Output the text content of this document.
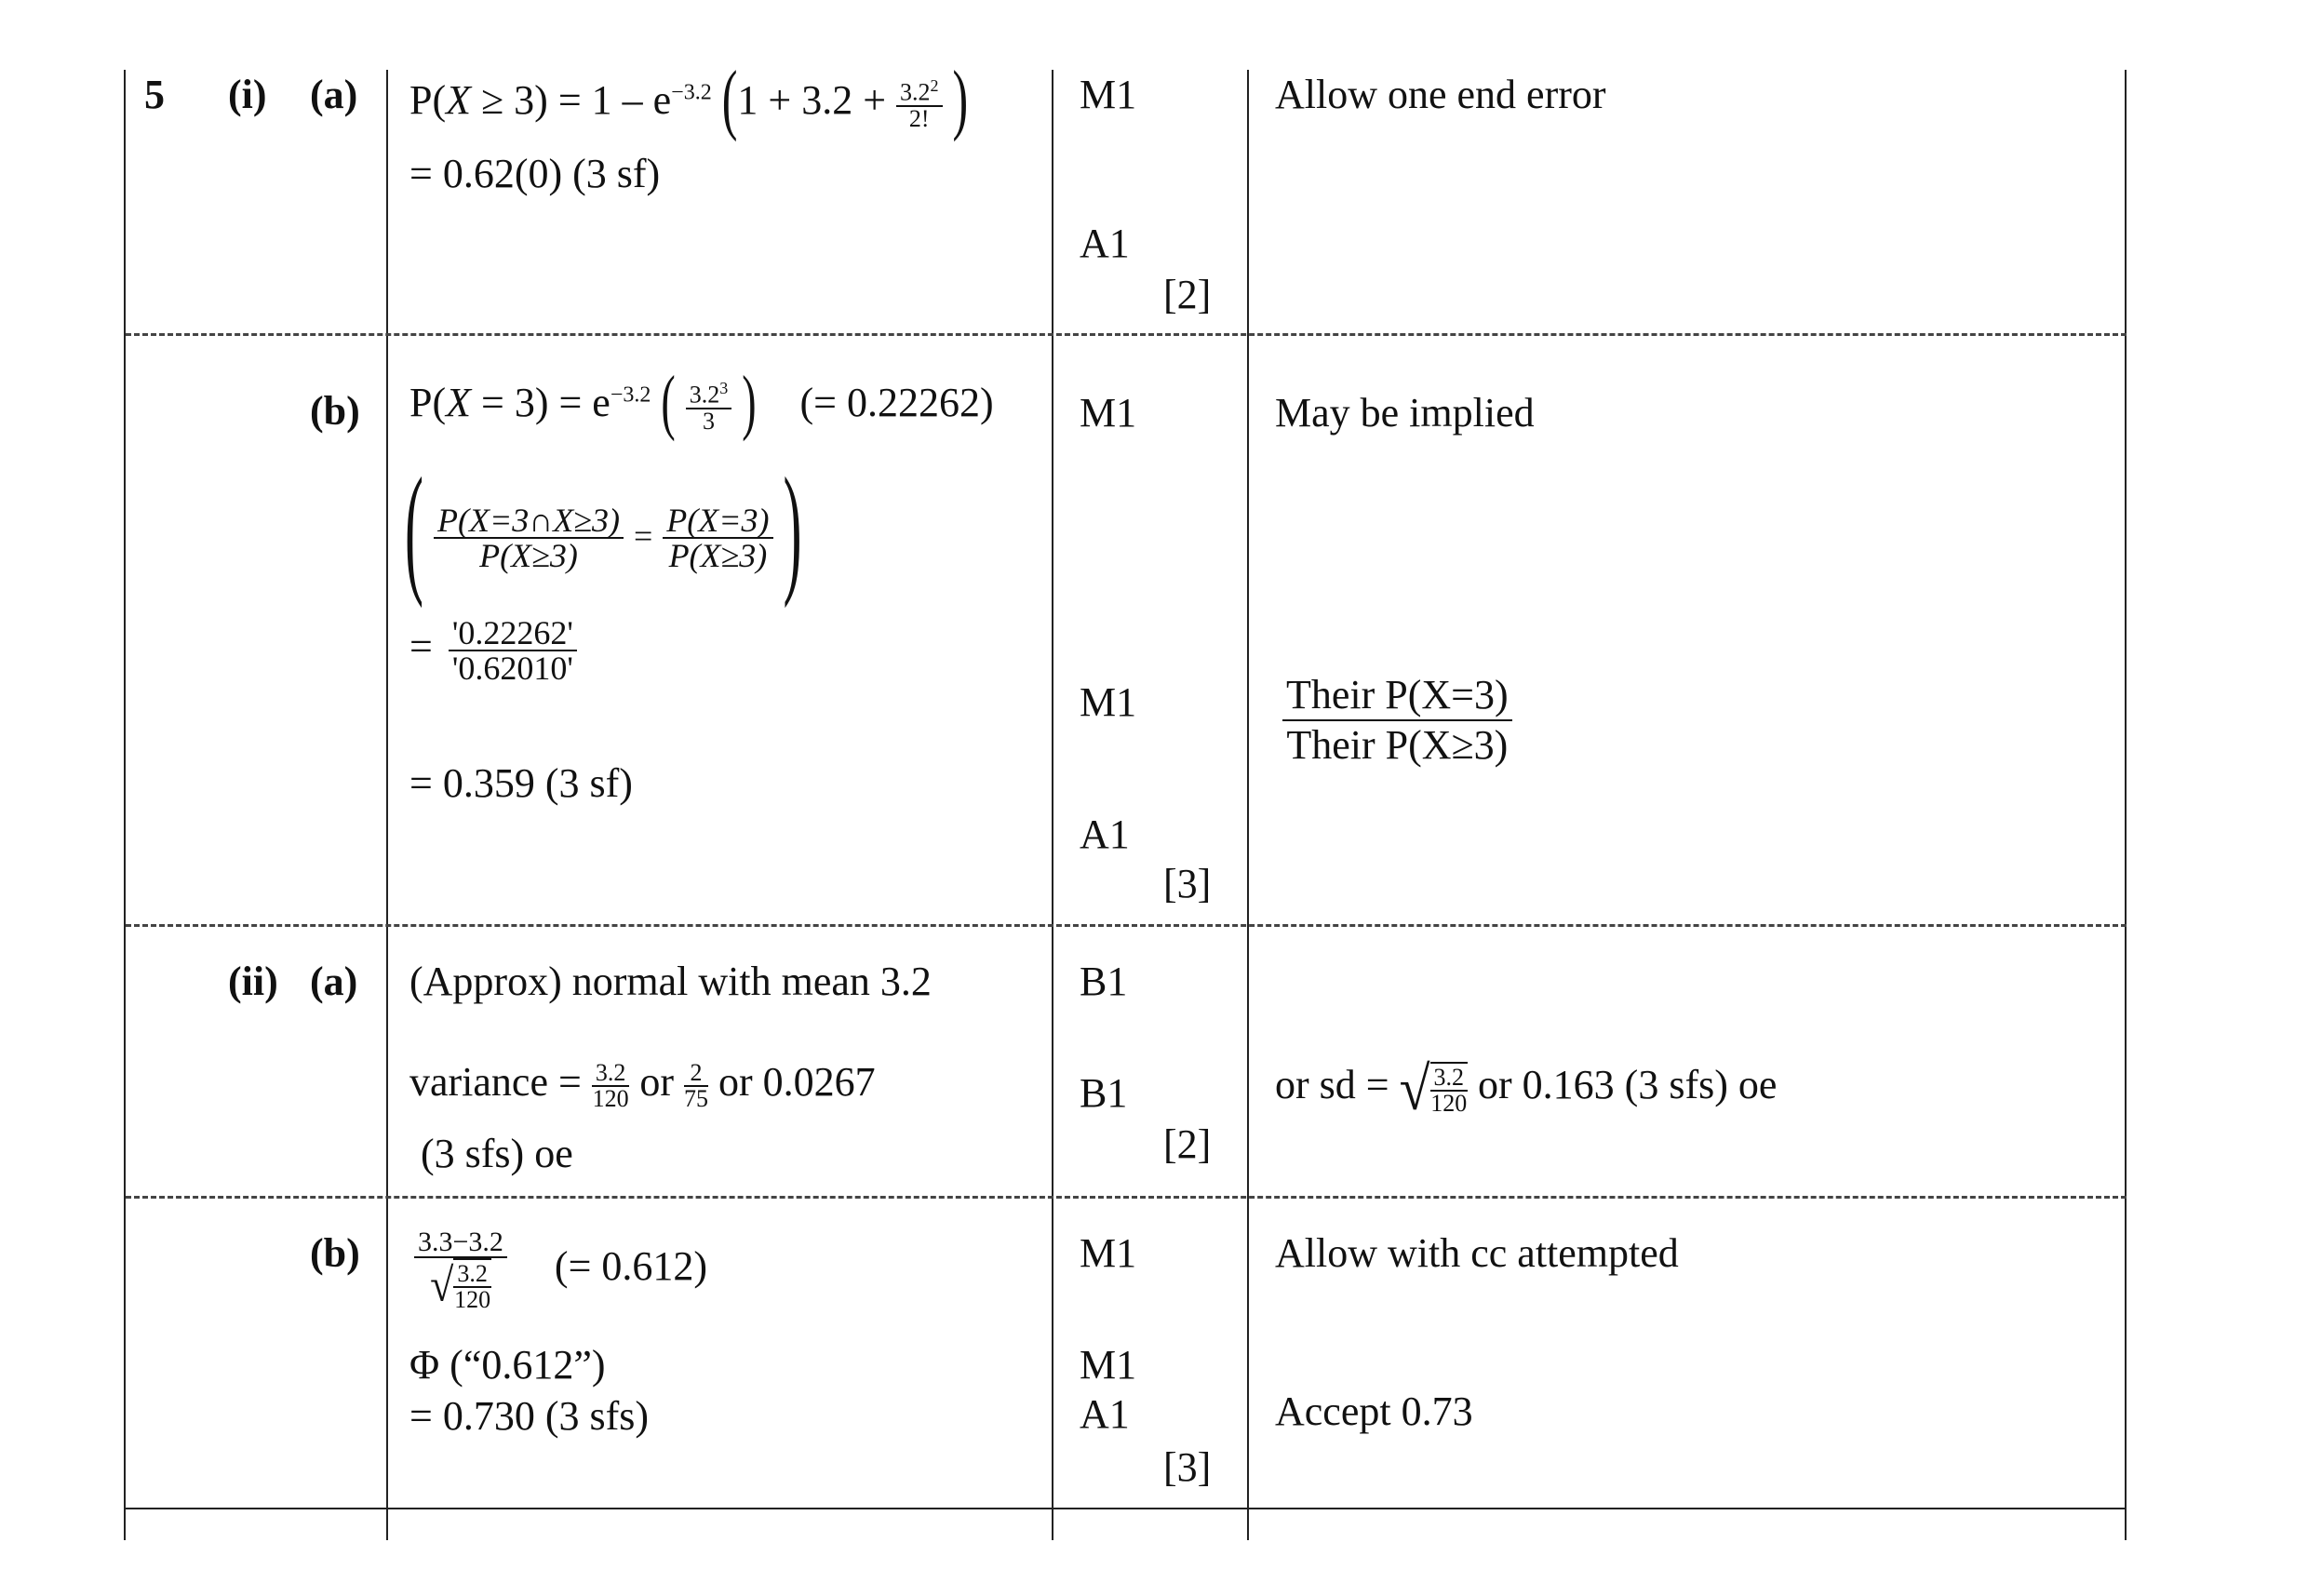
5 (i) (a) $P(X \ge 3) = 1 - e^{-3.2}$ ($1 + 3.2 + \frac{3.2^2}{2!}$ )
= 0.62(0) (3 sf)
M1
A1
[2]
Allow one end error
(b) $P(X = 3) = e^{-3.2}$ ( $\frac{3.2^3}{3}$ ) (= 0.22262)
( $\frac{P(X=3\cap X\ge 3)}{P(X\ge 3)} = \frac{P(X=3)}{P(X\ge 3)}$ )
= $\frac{'0.22262'}{'0.62010'}$
= 0.359 (3 sf)
M1
M1
A1
[3]
May be implied
$\frac{\text{Their P(X=3)}}{\text{Their P(X≥3)}}$
(ii) (a) (Approx) normal with mean 3.2
variance = $\frac{3.2}{120}$ or $\frac{2}{75}$ or 0.0267
(3 sfs) oe
B1
B1
[2]
or sd = √ $\frac{3.2}{120}$ or 0.163 (3 sfs) oe
$(b) \frac{3.3-3.2}{√ \frac{3.2}{120}}$ (= 0.612)
Φ (“0.612”)
= 0.730 (3 sfs)
M1
M1
A1
[3]
Allow with cc attempted
Accept 0.73
